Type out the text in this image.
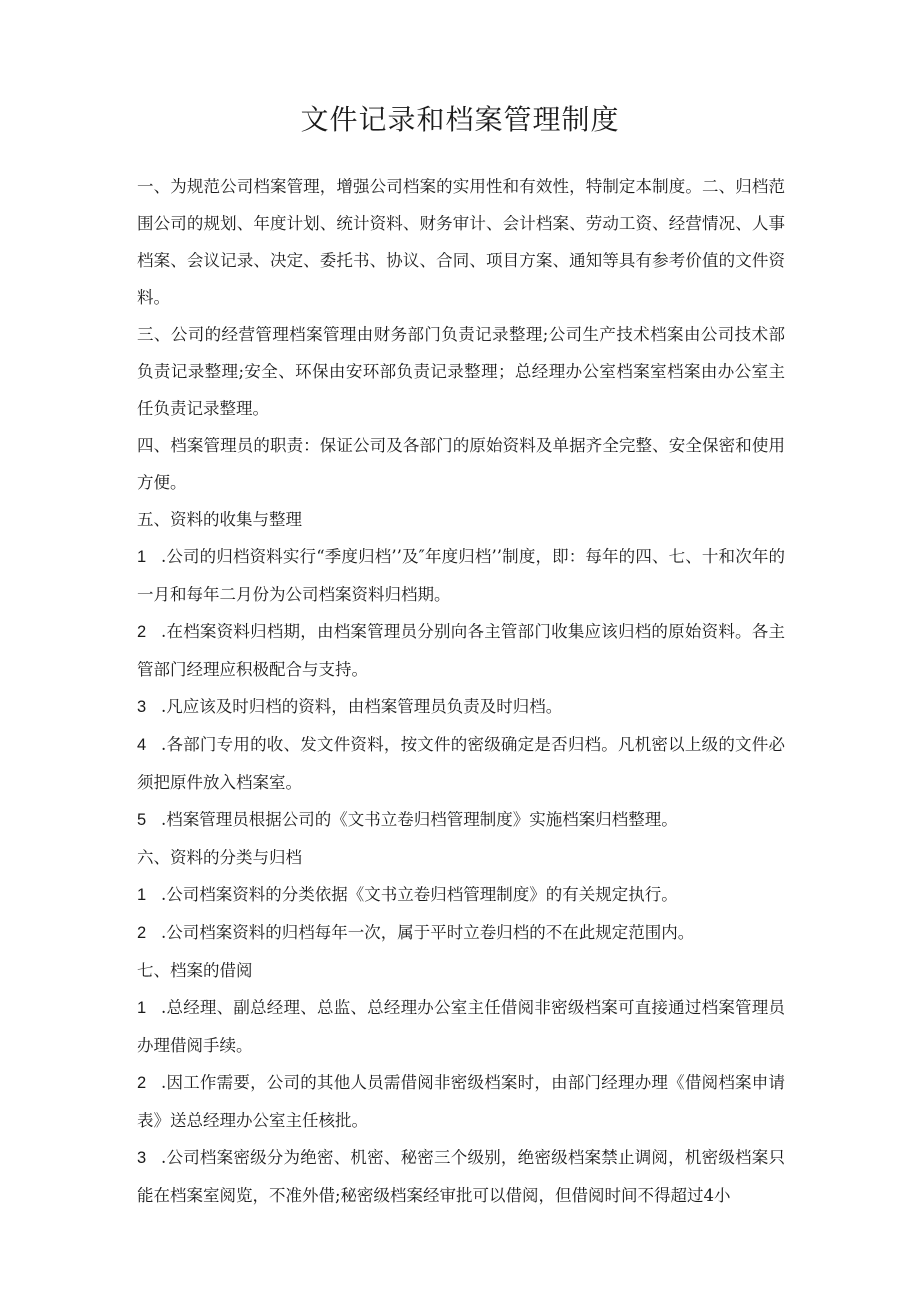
文件记录和档案管理制度

一、为规范公司档案管理，增强公司档案的实用性和有效性，特制定本制度。二、归档范围公司的规划、年度计划、统计资料、财务审计、会计档案、劳动工资、经营情况、人事档案、会议记录、决定、委托书、协议、合同、项目方案、通知等具有参考价值的文件资料。

三、公司的经营管理档案管理由财务部门负责记录整理;公司生产技术档案由公司技术部负责记录整理;安全、环保由安环部负责记录整理；总经理办公室档案室档案由办公室主任负责记录整理。

四、档案管理员的职责：保证公司及各部门的原始资料及单据齐全完整、安全保密和使用方便。

五、资料的收集与整理

1 .公司的归档资料实行“季度归档’’及″年度归档’’制度，即：每年的四、七、十和次年的一月和每年二月份为公司档案资料归档期。

2 .在档案资料归档期，由档案管理员分别向各主管部门收集应该归档的原始资料。各主管部门经理应积极配合与支持。

3 .凡应该及时归档的资料，由档案管理员负责及时归档。

4 .各部门专用的收、发文件资料，按文件的密级确定是否归档。凡机密以上级的文件必须把原件放入档案室。

5 .档案管理员根据公司的《文书立卷归档管理制度》实施档案归档整理。

六、资料的分类与归档

1 .公司档案资料的分类依据《文书立卷归档管理制度》的有关规定执行。

2 .公司档案资料的归档每年一次，属于平时立卷归档的不在此规定范围内。

七、档案的借阅

1 .总经理、副总经理、总监、总经理办公室主任借阅非密级档案可直接通过档案管理员办理借阅手续。

2 .因工作需要，公司的其他人员需借阅非密级档案时，由部门经理办理《借阅档案申请表》送总经理办公室主任核批。

3 .公司档案密级分为绝密、机密、秘密三个级别，绝密级档案禁止调阅，机密级档案只能在档案室阅览，不准外借;秘密级档案经审批可以借阅，但借阅时间不得超过4小
